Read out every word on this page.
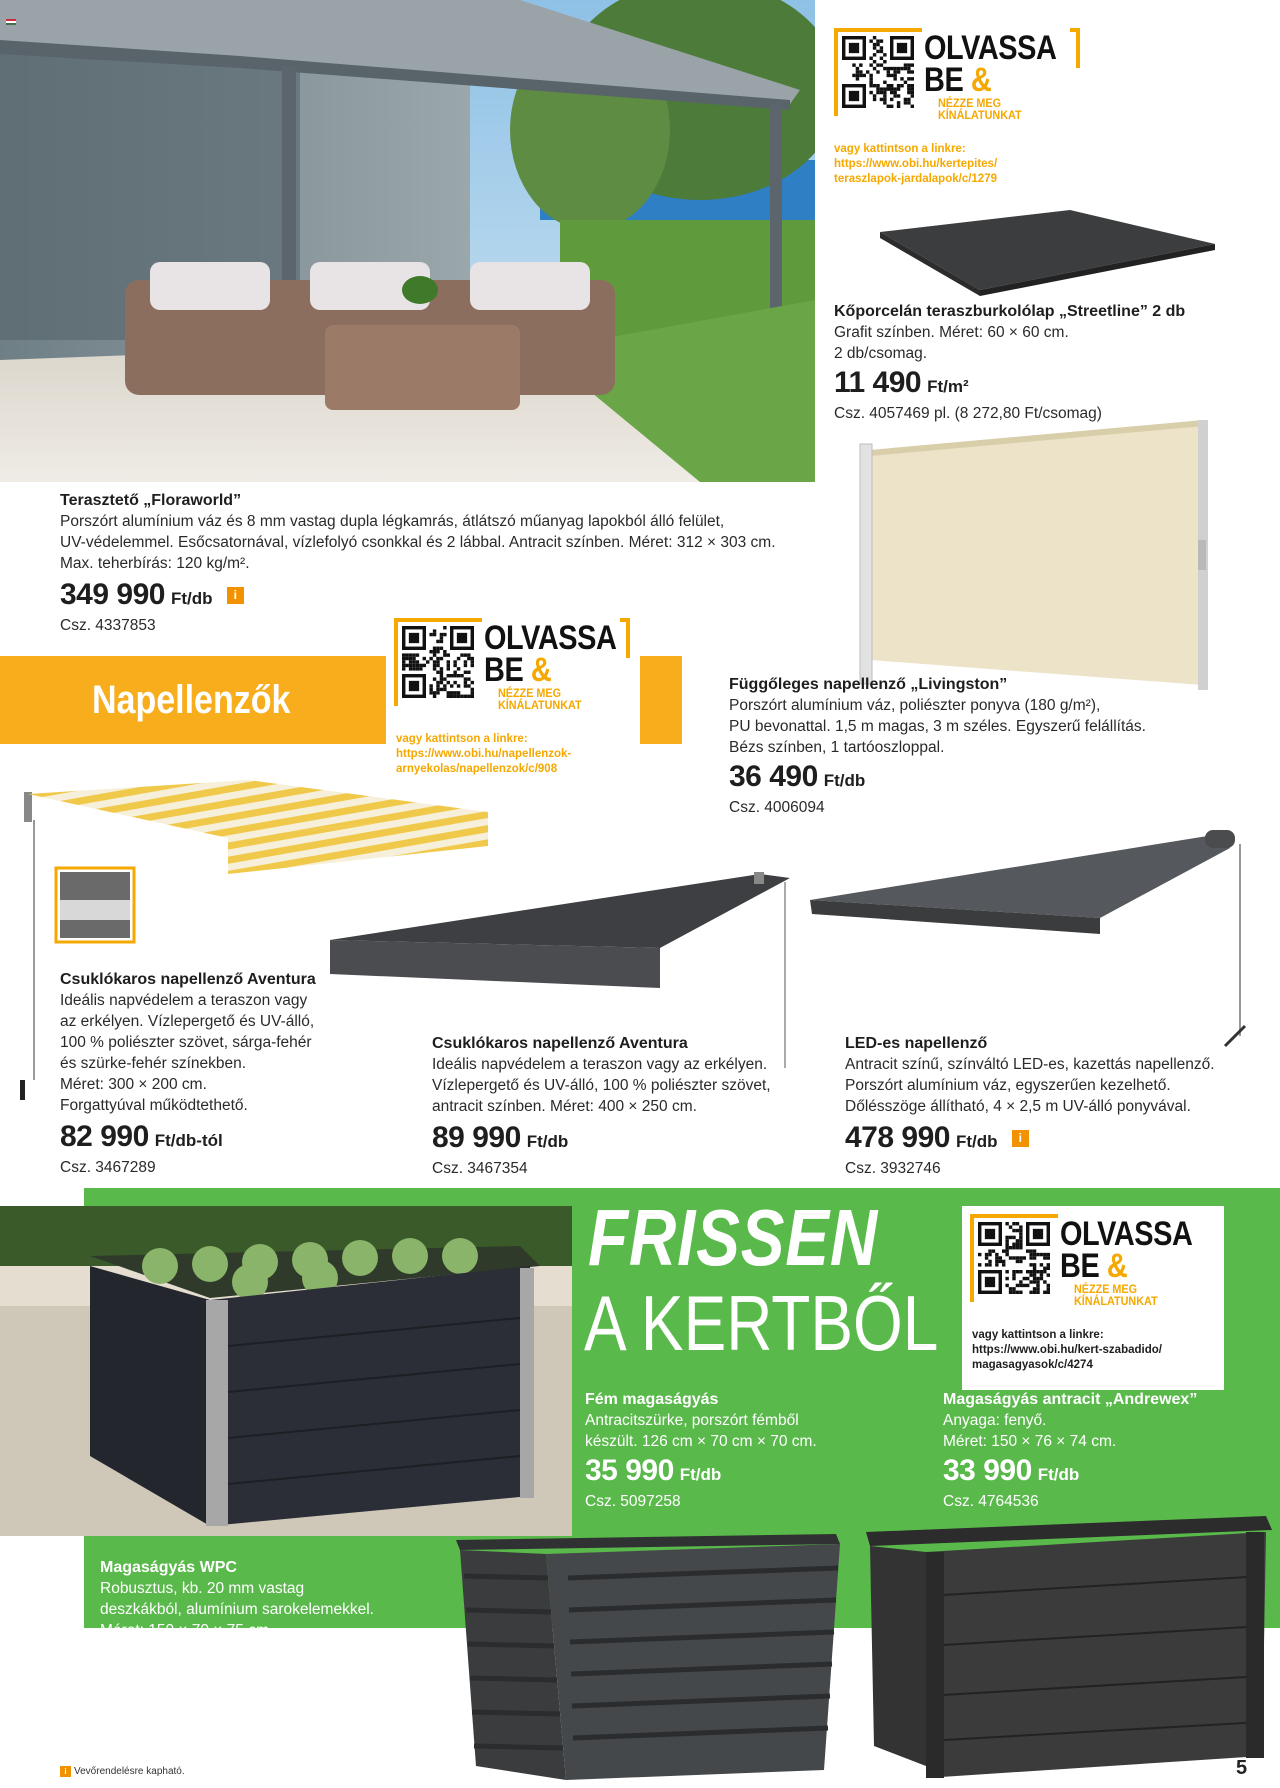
OLVASSA
BE &
NÉZZE MEG
KÍNÁLATUNKAT
vagy kattintson a linkre:
https://www.obi.hu/kertepites/
teraszlapok-jardalapok/c/1279
Kőporcelán teraszburkolólap „Streetline” 2 db
Grafit színben. Méret: 60 × 60 cm.
2 db/csomag.
11 490 Ft/m²
Csz. 4057469 pl. (8 272,80 Ft/csomag)
Terasztető „Floraworld”
Porszórt alumínium váz és 8 mm vastag dupla légkamrás, átlátszó műanyag lapokból álló felület,
UV-védelemmel. Esőcsatornával, vízlefolyó csonkkal és 2 lábbal. Antracit színben. Méret: 312 × 303 cm.
Max. teherbírás: 120 kg/m².
349 990 Ft/db i
Csz. 4337853
Napellenzők
OLVASSA
BE &
NÉZZE MEG
KÍNÁLATUNKAT
vagy kattintson a linkre:
https://www.obi.hu/napellenzok-
arnyekolas/napellenzok/c/908
Függőleges napellenző „Livingston”
Porszórt alumínium váz, poliészter ponyva (180 g/m²),
PU bevonattal. 1,5 m magas, 3 m széles. Egyszerű felállítás.
Bézs színben, 1 tartóoszloppal.
36 490 Ft/db
Csz. 4006094
Csuklókaros napellenző Aventura
Ideális napvédelem a teraszon vagy
az erkélyen. Vízlepergető és UV-álló,
100 % poliészter szövet, sárga-fehér
és szürke-fehér színekben.
Méret: 300 × 200 cm.
Forgattyúval működtethető.
82 990 Ft/db-tól
Csz. 3467289
Csuklókaros napellenző Aventura
Ideális napvédelem a teraszon vagy az erkélyen.
Vízlepergető és UV-álló, 100 % poliészter szövet,
antracit színben. Méret: 400 × 250 cm.
89 990 Ft/db
Csz. 3467354
LED-es napellenző
Antracit színű, színváltó LED-es, kazettás napellenző.
Porszórt alumínium váz, egyszerűen kezelhető.
Dőlésszöge állítható, 4 × 2,5 m UV-álló ponyvával.
478 990 Ft/db i
Csz. 3932746
FRISSEN
A KERTBŐL
OLVASSA
BE &
NÉZZE MEG
KÍNÁLATUNKAT
vagy kattintson a linkre:
https://www.obi.hu/kert-szabadido/
magasagyasok/c/4274
Fém magaságyás
Antracitszürke, porszórt fémből
készült. 126 cm × 70 cm × 70 cm.
35 990 Ft/db
Csz. 5097258
Magaságyás antracit „Andrewex”
Anyaga: fenyő.
Méret: 150 × 76 × 74 cm.
33 990 Ft/db
Csz. 4764536
Magaságyás WPC
Robusztus, kb. 20 mm vastag
deszkákból, alumínium sarokelemekkel.
Méret: 150 × 70 × 75 cm.
A csomag tartalmazza a csavarokat.
59 990 Ft/db
Csz. 4490538
i Vevőrendelésre kapható.	5
